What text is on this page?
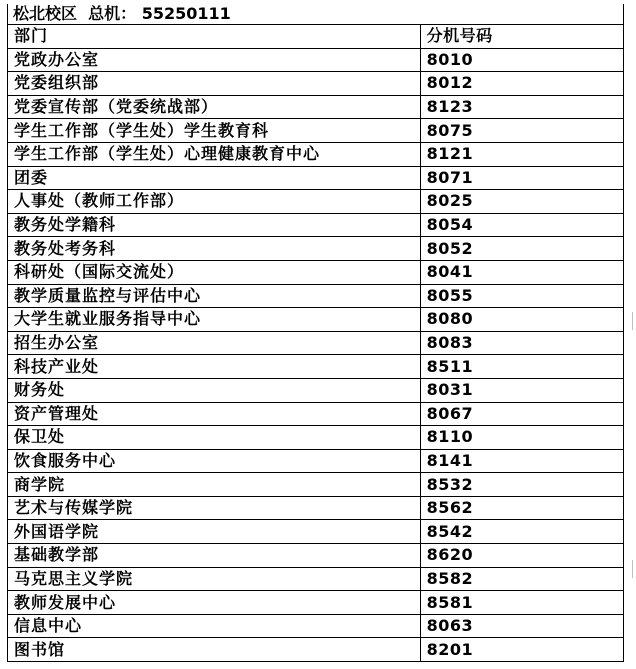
松北校区  总机： 55250111
部门	分机号码
党政办公室	8010
党委组织部	8012
党委宣传部（党委统战部）	8123
学生工作部（学生处）学生教育科	8075
学生工作部（学生处）心理健康教育中心	8121
团委	8071
人事处（教师工作部）	8025
教务处学籍科	8054
教务处考务科	8052
科研处（国际交流处）	8041
教学质量监控与评估中心	8055
大学生就业服务指导中心	8080
招生办公室	8083
科技产业处	8511
财务处	8031
资产管理处	8067
保卫处	8110
饮食服务中心	8141
商学院	8532
艺术与传媒学院	8562
外国语学院	8542
基础教学部	8620
马克思主义学院	8582
教师发展中心	8581
信息中心	8063
图书馆	8201
